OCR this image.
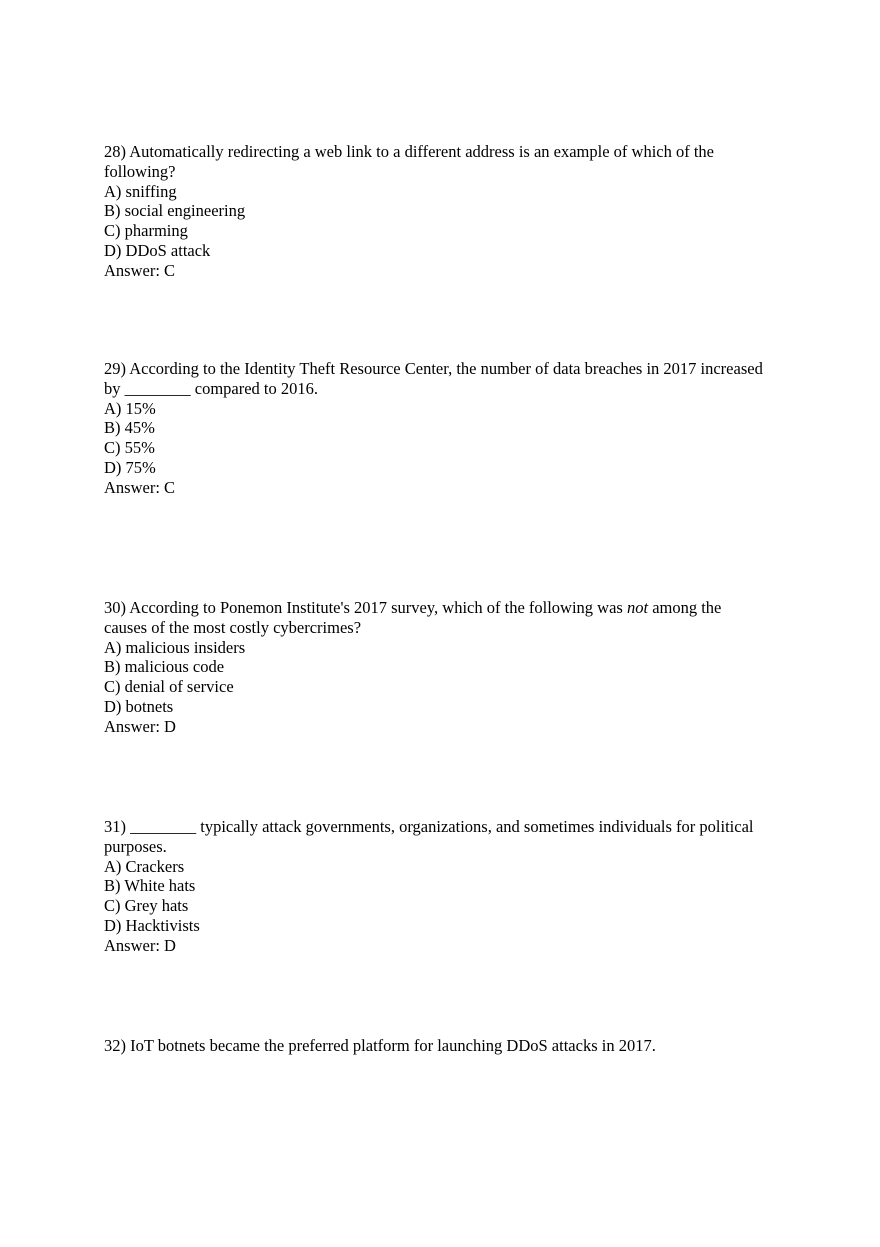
28) Automatically redirecting a web link to a different address is an example of which of the following?

A) sniffing

B) social engineering

C) pharming

D) DDoS attack

Answer: C

29) According to the Identity Theft Resource Center, the number of data breaches in 2017 increased by ________ compared to 2016.

A) 15%

B) 45%

C) 55%

D) 75%

Answer: C

30) According to Ponemon Institute's 2017 survey, which of the following was not among the causes of the most costly cybercrimes?

A) malicious insiders

B) malicious code

C) denial of service

D) botnets

Answer: D

31) ________ typically attack governments, organizations, and sometimes individuals for political purposes.

A) Crackers

B) White hats

C) Grey hats

D) Hacktivists

Answer: D

32) IoT botnets became the preferred platform for launching DDoS attacks in 2017.
